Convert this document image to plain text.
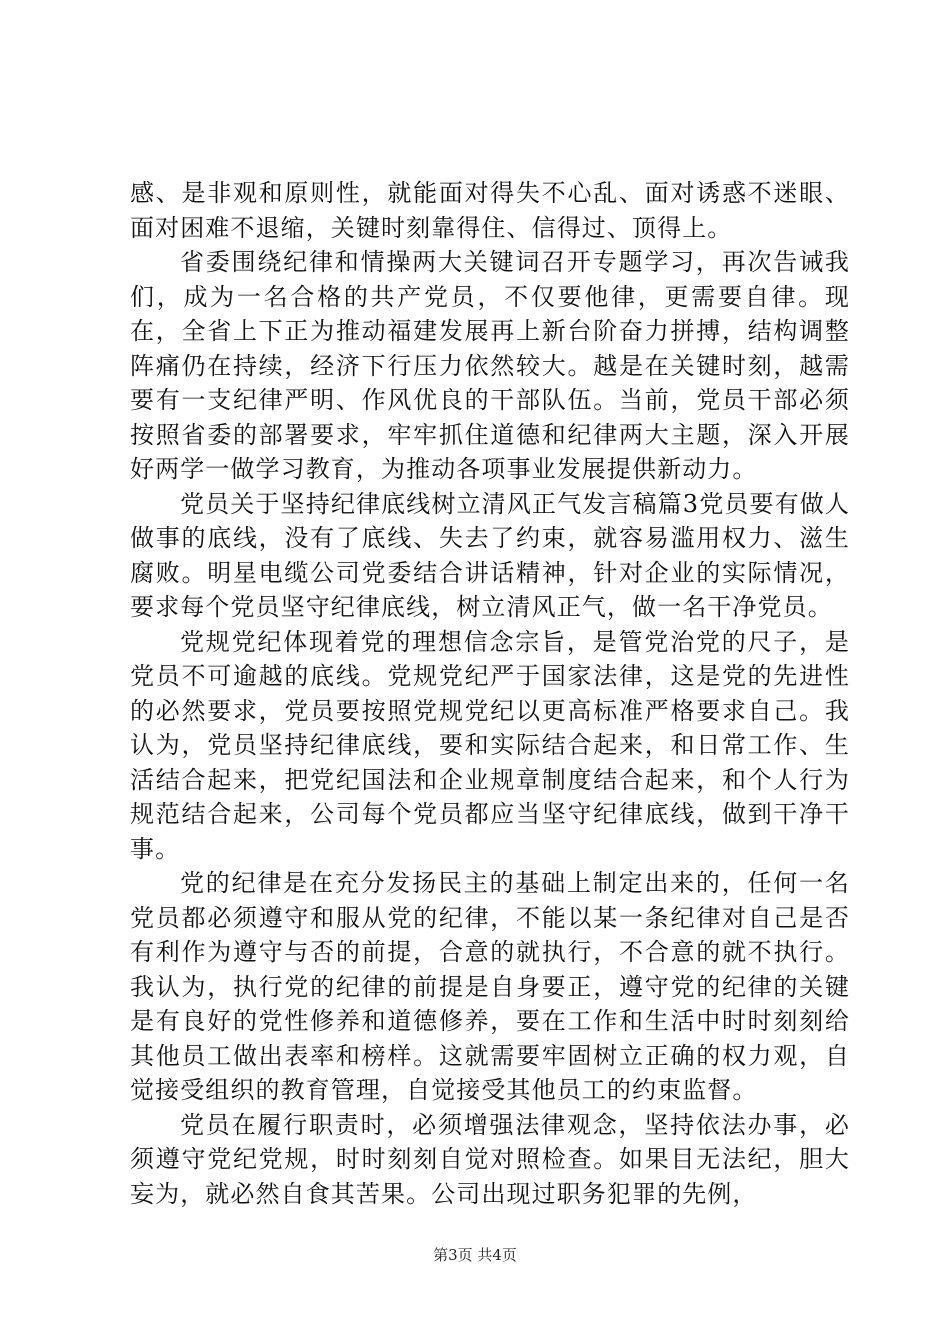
感、是非观和原则性，就能面对得失不心乱、面对诱惑不迷眼、面对困难不退缩，关键时刻靠得住、信得过、顶得上。

省委围绕纪律和情操两大关键词召开专题学习，再次告诫我们，成为一名合格的共产党员，不仅要他律，更需要自律。现在，全省上下正为推动福建发展再上新台阶奋力拼搏，结构调整阵痛仍在持续，经济下行压力依然较大。越是在关键时刻，越需要有一支纪律严明、作风优良的干部队伍。当前，党员干部必须按照省委的部署要求，牢牢抓住道德和纪律两大主题，深入开展好两学一做学习教育，为推动各项事业发展提供新动力。

党员关于坚持纪律底线树立清风正气发言稿篇3党员要有做人做事的底线，没有了底线、失去了约束，就容易滥用权力、滋生腐败。明星电缆公司党委结合讲话精神，针对企业的实际情况，要求每个党员坚守纪律底线，树立清风正气，做一名干净党员。

党规党纪体现着党的理想信念宗旨，是管党治党的尺子，是党员不可逾越的底线。党规党纪严于国家法律，这是党的先进性的必然要求，党员要按照党规党纪以更高标准严格要求自己。我认为，党员坚持纪律底线，要和实际结合起来，和日常工作、生活结合起来，把党纪国法和企业规章制度结合起来，和个人行为规范结合起来，公司每个党员都应当坚守纪律底线，做到干净干事。

党的纪律是在充分发扬民主的基础上制定出来的，任何一名党员都必须遵守和服从党的纪律，不能以某一条纪律对自己是否有利作为遵守与否的前提，合意的就执行，不合意的就不执行。我认为，执行党的纪律的前提是自身要正，遵守党的纪律的关键是有良好的党性修养和道德修养，要在工作和生活中时时刻刻给其他员工做出表率和榜样。这就需要牢固树立正确的权力观，自觉接受组织的教育管理，自觉接受其他员工的约束监督。

党员在履行职责时，必须增强法律观念，坚持依法办事，必须遵守党纪党规，时时刻刻自觉对照检查。如果目无法纪，胆大妄为，就必然自食其苦果。公司出现过职务犯罪的先例，

第3页 共4页
